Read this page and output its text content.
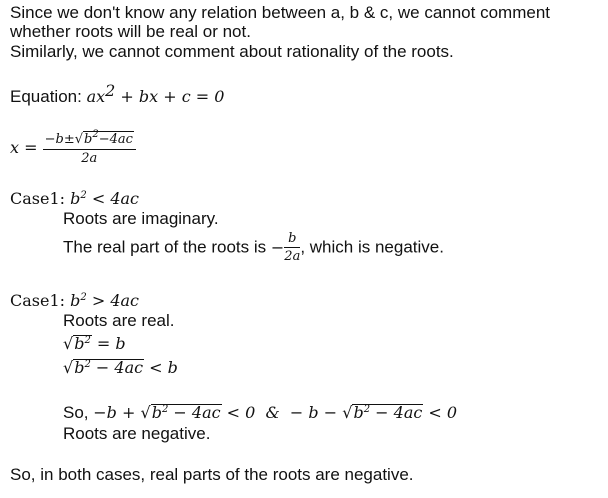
Since we don't know any relation between a, b & c, we cannot comment
whether roots will be real or not.
Similarly, we cannot comment about rationality of the roots.
Equation: $ax^2$ + bx + c = 0
$x = \frac{-b\pm√b^2-4ac}{2a}$
Case1: $b^2 < 4ac$
Roots are imaginary.
The real part of the roots is − $\frac{b}{2a}$ , which is negative.
Case1: $b^2 > 4ac$
Roots are real.
$√b^2 = b$
$√b^2 - 4ac < b$
So, $-b + √b^2 - 4ac < 0$  &  − $b - √b^2 - 4ac < 0$
Roots are negative.
So, in both cases, real parts of the roots are negative.
